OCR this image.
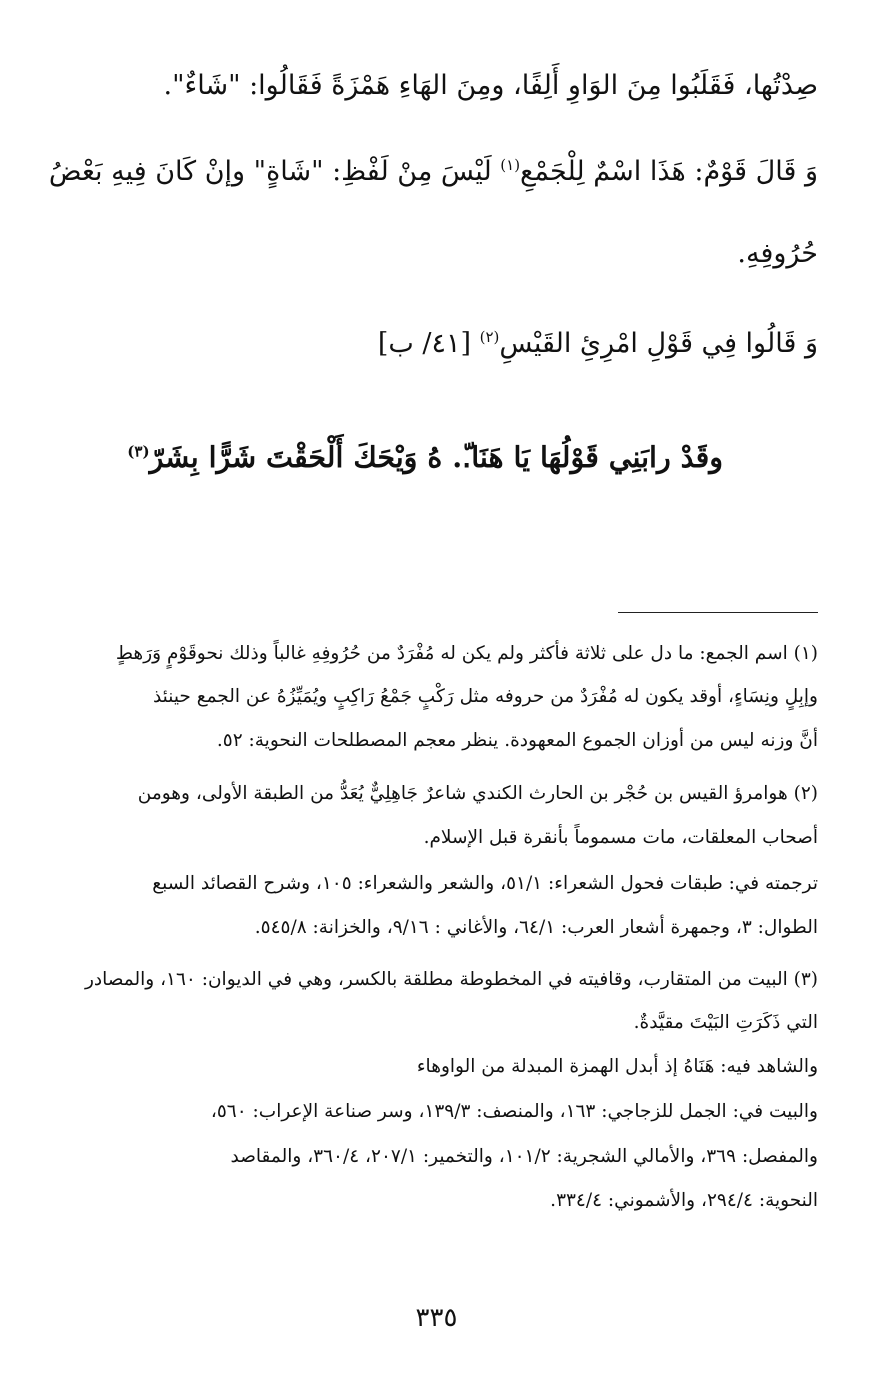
صِدْتُها، فَقَلَبُوا مِنَ الوَاوِ أَلِفًا، ومِنَ الهَاءِ هَمْزَةً فَقَالُوا: "شَاءٌ".

وَ قَالَ قَوْمٌ: هَذَا اسْمٌ لِلْجَمْعِ$^{(١)}$ لَيْسَ مِنْ لَفْظِ: "شَاةٍ" وإنْ كَانَ فِيهِ بَعْضُ

حُرُوفِهِ.

وَ قَالُوا فِي قَوْلِ امْرِئِ القَيْسِ$^{(٢)}$ [٤١/ ب]

وقَدْ رابَنِي قَوْلُهَا يَا هَنَا.ّ. هُ وَيْحَكَ أَلْحَقْتَ شَرًّا بِشَرّ$^{(٣)}$

(١) اسم الجمع: ما دل على ثلاثة فأكثر ولم يكن له مُفْرَدٌ من حُرُوفِهِ غالباً وذلك نحوقَوْمٍ وَرَهطٍ

وإبِلٍ ونِسَاءٍ، أوقد يكون له مُفْرَدٌ من حروفه مثل رَكْبٍ جَمْعُ رَاكِبٍ ويُمَيِّزُهُ عن الجمع حينئذ

أنَّ وزنه ليس من أوزان الجموع المعهودة. ينظر معجم المصطلحات النحوية: ٥٢.

(٢) هوامرؤ القيس بن حُجْر بن الحارث الكندي شاعرٌ جَاهِلِيٌّ يُعَدُّ من الطبقة الأولى، وهومن

أصحاب المعلقات، مات مسموماً بأنقرة قبل الإسلام.

ترجمته في: طبقات فحول الشعراء: ٥١/١، والشعر والشعراء: ١٠٥، وشرح القصائد السبع

الطوال: ٣، وجمهرة أشعار العرب: ٦٤/١، والأغاني : ٩/١٦، والخزانة: ٥٤٥/٨.

(٣) البيت من المتقارب، وقافيته في المخطوطة مطلقة بالكسر، وهي في الديوان: ١٦٠، والمصادر

التي ذَكَرَتِ البَيْتَ مقيَّدةٌ.

والشاهد فيه: هَنَاهُ إذ أبدل الهمزة المبدلة من الواوهاء

والبيت في: الجمل للزجاجي: ١٦٣، والمنصف: ١٣٩/٣، وسر صناعة الإعراب: ٥٦٠،

والمفصل: ٣٦٩، والأمالي الشجرية: ١٠١/٢، والتخمير: ٢٠٧/١، ٣٦٠/٤، والمقاصد

النحوية: ٢٩٤/٤، والأشموني: ٣٣٤/٤.

٣٣٥
